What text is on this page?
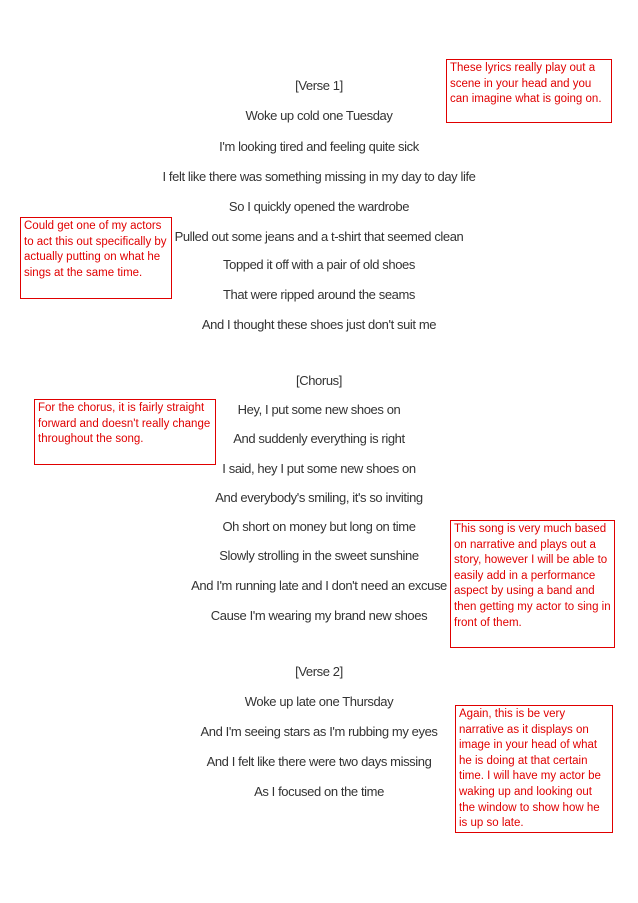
[Verse 1]
Woke up cold one Tuesday
I'm looking tired and feeling quite sick
I felt like there was something missing in my day to day life
So I quickly opened the wardrobe
Pulled out some jeans and a t-shirt that seemed clean
Topped it off with a pair of old shoes
That were ripped around the seams
And I thought these shoes just don't suit me
[Chorus]
Hey, I put some new shoes on
And suddenly everything is right
I said, hey I put some new shoes on
And everybody's smiling, it's so inviting
Oh short on money but long on time
Slowly strolling in the sweet sunshine
And I'm running late and I don't need an excuse
Cause I'm wearing my brand new shoes
[Verse 2]
Woke up late one Thursday
And I'm seeing stars as I'm rubbing my eyes
And I felt like there were two days missing
As I focused on the time
These lyrics really play out a scene in your head and you can imagine what is going on.
Could get one of my actors to act this out specifically by actually putting on what he sings at the same time.
For the chorus, it is fairly straight forward and doesn't really change throughout the song.
This song is very much based on narrative and plays out a story, however I will be able to easily add in a performance aspect by using a band and then getting my actor to sing in front of them.
Again, this is be very narrative as it displays on image in your head of what he is doing at that certain time. I will have my actor be waking up and looking out the window to show how he is up so late.
